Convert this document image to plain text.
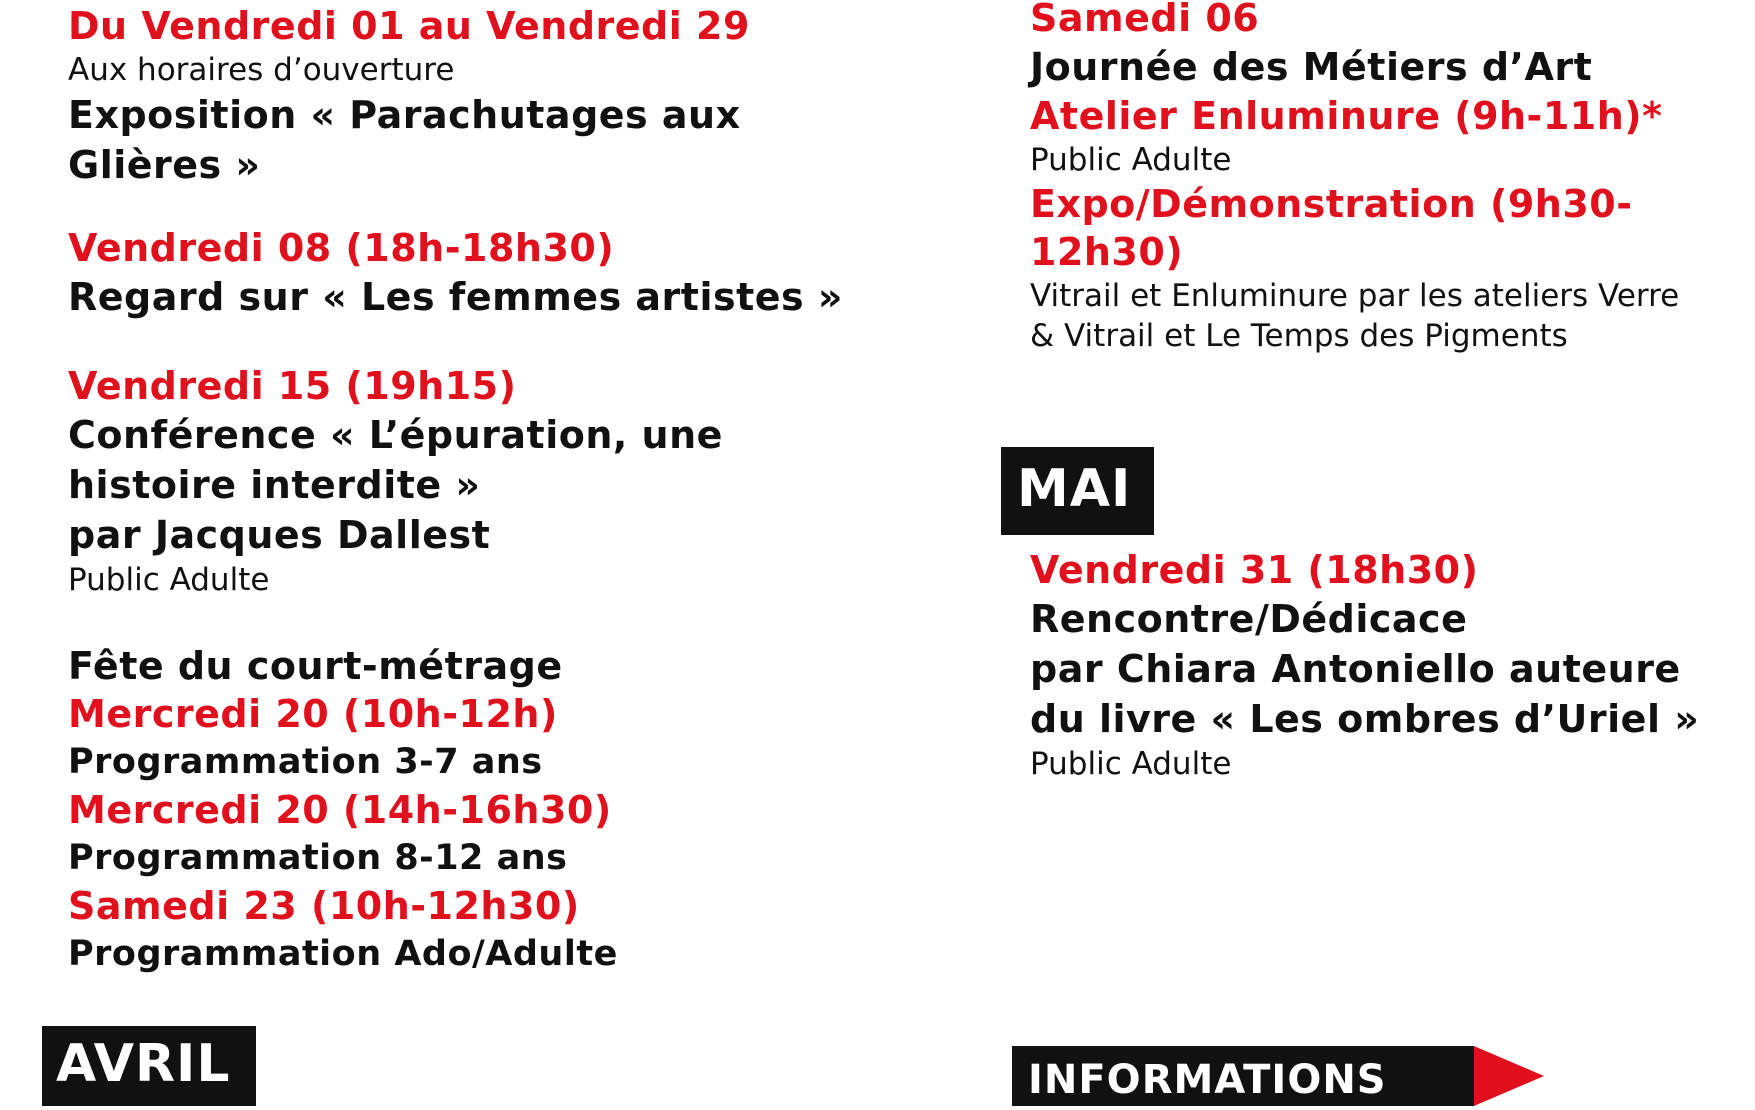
Du Vendredi 01 au Vendredi 29
Aux horaires d’ouverture
Exposition « Parachutages aux
Glières »
Vendredi 08 (18h-18h30)
Regard sur « Les femmes artistes »
Vendredi 15 (19h15)
Conférence « L’épuration, une
histoire interdite »
par Jacques Dallest
Public Adulte
Fête du court-métrage
Mercredi 20 (10h-12h)
Programmation 3-7 ans
Mercredi 20 (14h-16h30)
Programmation 8-12 ans
Samedi 23 (10h-12h30)
Programmation Ado/Adulte
AVRIL
Samedi 06
Journée des Métiers d’Art
Atelier Enluminure (9h-11h)*
Public Adulte
Expo/Démonstration (9h30-
12h30)
Vitrail et Enluminure par les ateliers Verre
& Vitrail et Le Temps des Pigments
Vendredi 31 (18h30)
Rencontre/Dédicace
par Chiara Antoniello auteure
du livre « Les ombres d’Uriel »
Public Adulte
MAI
INFORMATIONS
